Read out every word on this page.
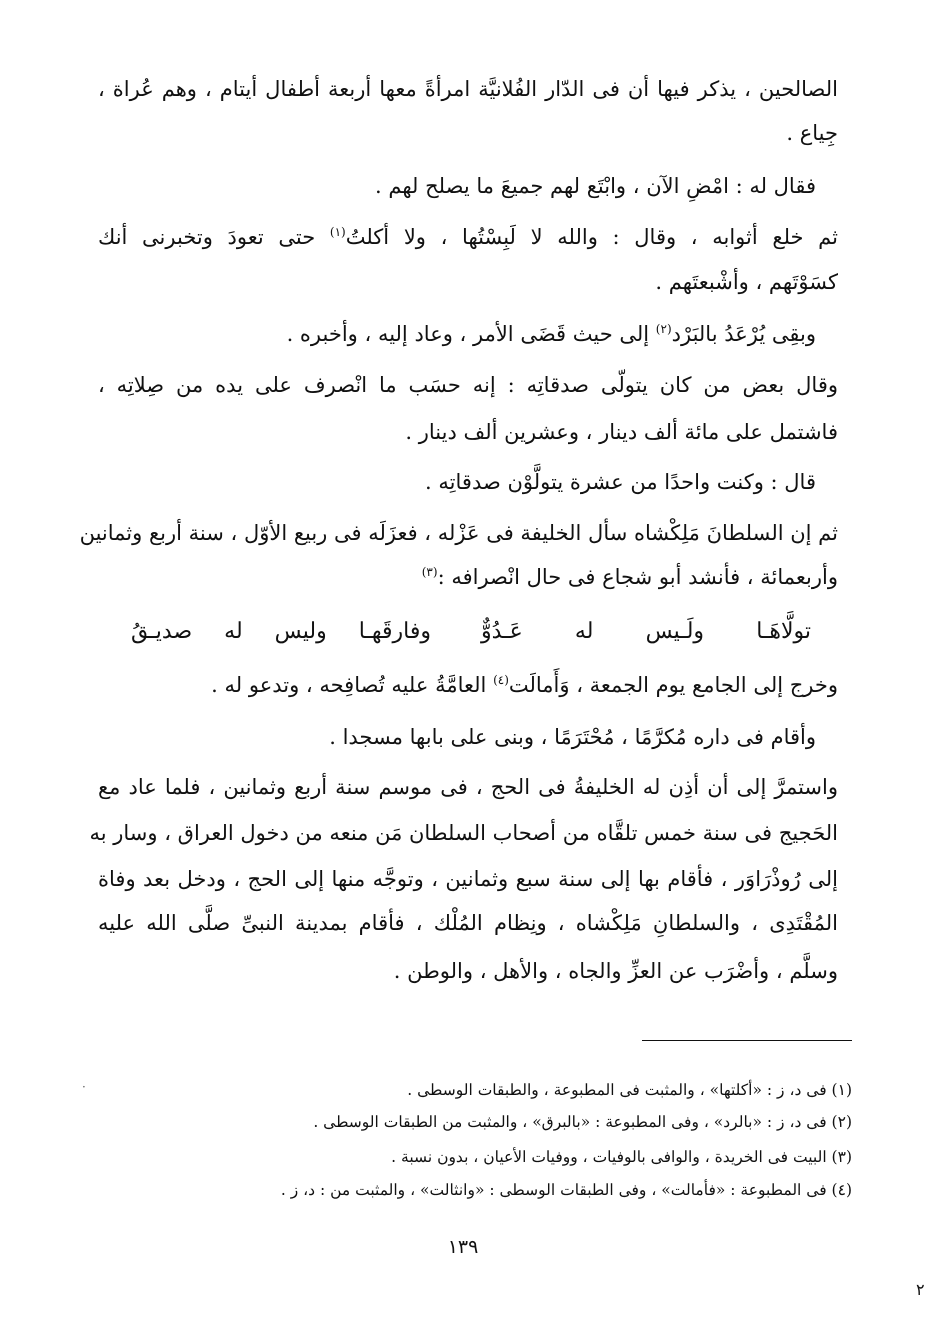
الصالحين ، يذكر فيها أن فى الدّار الفُلانيَّة امرأةً معها أربعة أطفال أيتام ، وهم عُراة ،
جِياع .
فقال له : امْضِ الآن ، وابْتَع لهم جميعَ ما يصلح لهم .
ثم خلع أثوابه ، وقال : والله لا لَبِسْتُها ، ولا أكلتُ$^{(١)}$ حتى تعودَ وتخبرنى أنك
كسَوْتَهم ، وأشْبعتَهم .
وبقِى يُرْعَدُ بالبَرْد$^{(٢)}$ إلى حيث قَضَى الأمر ، وعاد إليه ، وأخبره .
وقال بعض من كان يتولّى صدقاتِه : إنه حسَب ما انْصرف على يده من صِلاتِه ،
فاشتمل على مائة ألف دينار ، وعشرين ألف دينار .
قال : وكنت واحدًا من عشرة يتولَّوْن صدقاتِه .
ثم إن السلطانَ مَلِكْشاه سأل الخليفة فى عَزْله ، فعزَلَه فى ربيع الأوّل ، سنة أربع وثمانين
وأربعمائة ، فأنشد أبو شجاع فى حال انْصرافه :$^{(٣)}$
تولَّاهَـا ولَـيس له عَـدُوٌّ
وفارقَهـا وليس له صديـقُ
وخرج إلى الجامع يوم الجمعة ، وَأَمالَت$^{(٤)}$ العامَّةُ عليه تُصافِحه ، وتدعو له .
وأقام فى داره مُكرَّمًا ، مُحْتَرَمًا ، وبنى على بابها مسجدا .
واستمرَّ إلى أن أذِن له الخليفةُ فى الحج ، فى موسم سنة أربع وثمانين ، فلما عاد مع
الحَجيج فى سنة خمس تلقَّاه من أصحاب السلطان مَن منعه من دخول العراق ، وسار به
إلى رُوذْرَاوَر ، فأقام بها إلى سنة سبع وثمانين ، وتوجَّه منها إلى الحج ، ودخل بعد وفاة
المُقْتَدِى ، والسلطانِ مَلِكْشاه ، ونِظام المُلْك ، فأقام بمدينة النبىِّ صلَّى الله عليه
وسلَّم ، وأضْرَب عن العزِّ والجاه ، والأهل ، والوطن .
(١) فى د، ز : «أكلتها» ، والمثبت فى المطبوعة ، والطبقات الوسطى .
(٢) فى د، ز : «بالرد» ، وفى المطبوعة : «بالبرق» ، والمثبت من الطبقات الوسطى .
(٣) البيت فى الخريدة ، والوافى بالوفيات ، ووفيات الأعيان ، بدون نسبة .
(٤) فى المطبوعة : «فأمالت» ، وفى الطبقات الوسطى : «وانثالت» ، والمثبت من : د، ز .
١٣٩
٢
·
